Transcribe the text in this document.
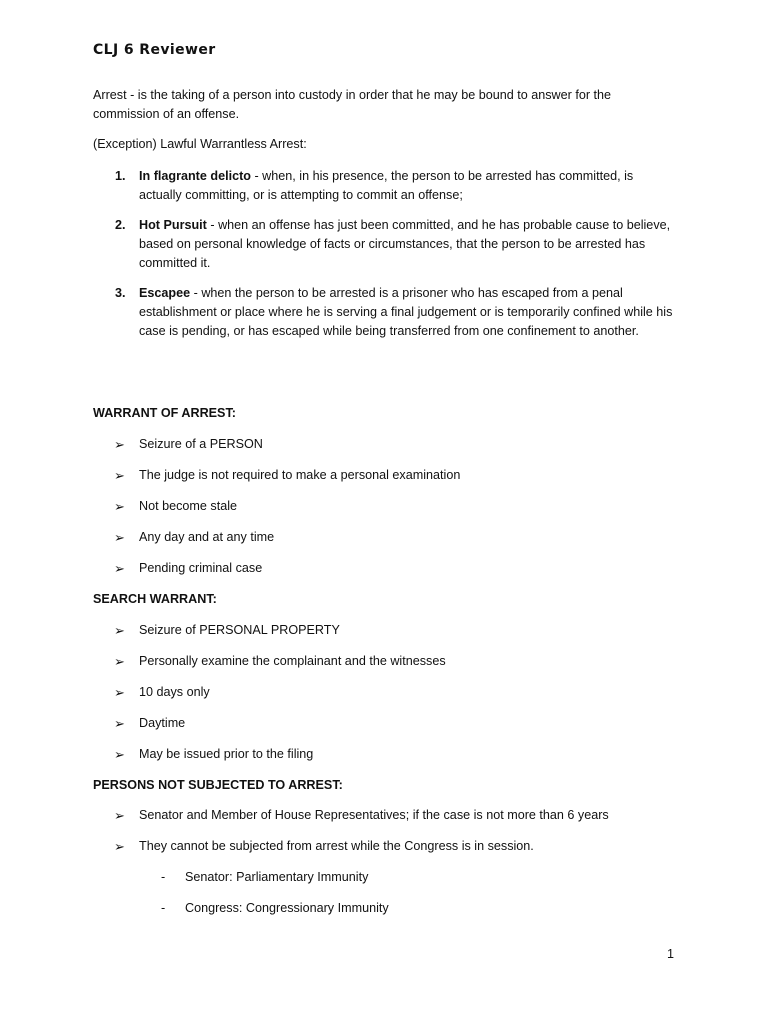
CLJ 6 Reviewer

Arrest - is the taking of a person into custody in order that he may be bound to answer for the commission of an offense.

(Exception) Lawful Warrantless Arrest:

1. In flagrante delicto - when, in his presence, the person to be arrested has committed, is actually committing, or is attempting to commit an offense;
2. Hot Pursuit - when an offense has just been committed, and he has probable cause to believe, based on personal knowledge of facts or circumstances, that the person to be arrested has committed it.
3. Escapee - when the person to be arrested is a prisoner who has escaped from a penal establishment or place where he is serving a final judgement or is temporarily confined while his case is pending, or has escaped while being transferred from one confinement to another.

WARRANT OF ARREST:

➢ Seizure of a PERSON
➢ The judge is not required to make a personal examination
➢ Not become stale
➢ Any day and at any time
➢ Pending criminal case

SEARCH WARRANT:

➢ Seizure of PERSONAL PROPERTY
➢ Personally examine the complainant and the witnesses
➢ 10 days only
➢ Daytime
➢ May be issued prior to the filing

PERSONS NOT SUBJECTED TO ARREST:

➢ Senator and Member of House Representatives; if the case is not more than 6 years
➢ They cannot be subjected from arrest while the Congress is in session.
- Senator: Parliamentary Immunity
- Congress: Congressionary Immunity

1
